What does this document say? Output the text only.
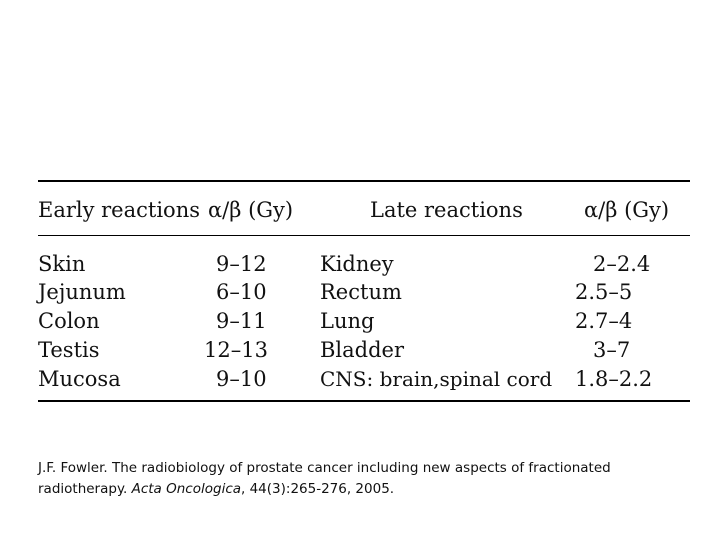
Early reactions α/β (Gy)	Late reactions	α/β (Gy)
Skin	9–12	Kidney	2–2.4
Jejunum	6–10	Rectum	2.5–5
Colon	9–11	Lung	2.7–4
Testis	12–13 Bladder	3–7
Mucosa	9–10	CNS: brain,spinal cord 1.8–2.2
J.F. Fowler. The radiobiology of prostate cancer including new aspects of fractionated radiotherapy. Acta Oncologica, 44(3):265-276, 2005.
